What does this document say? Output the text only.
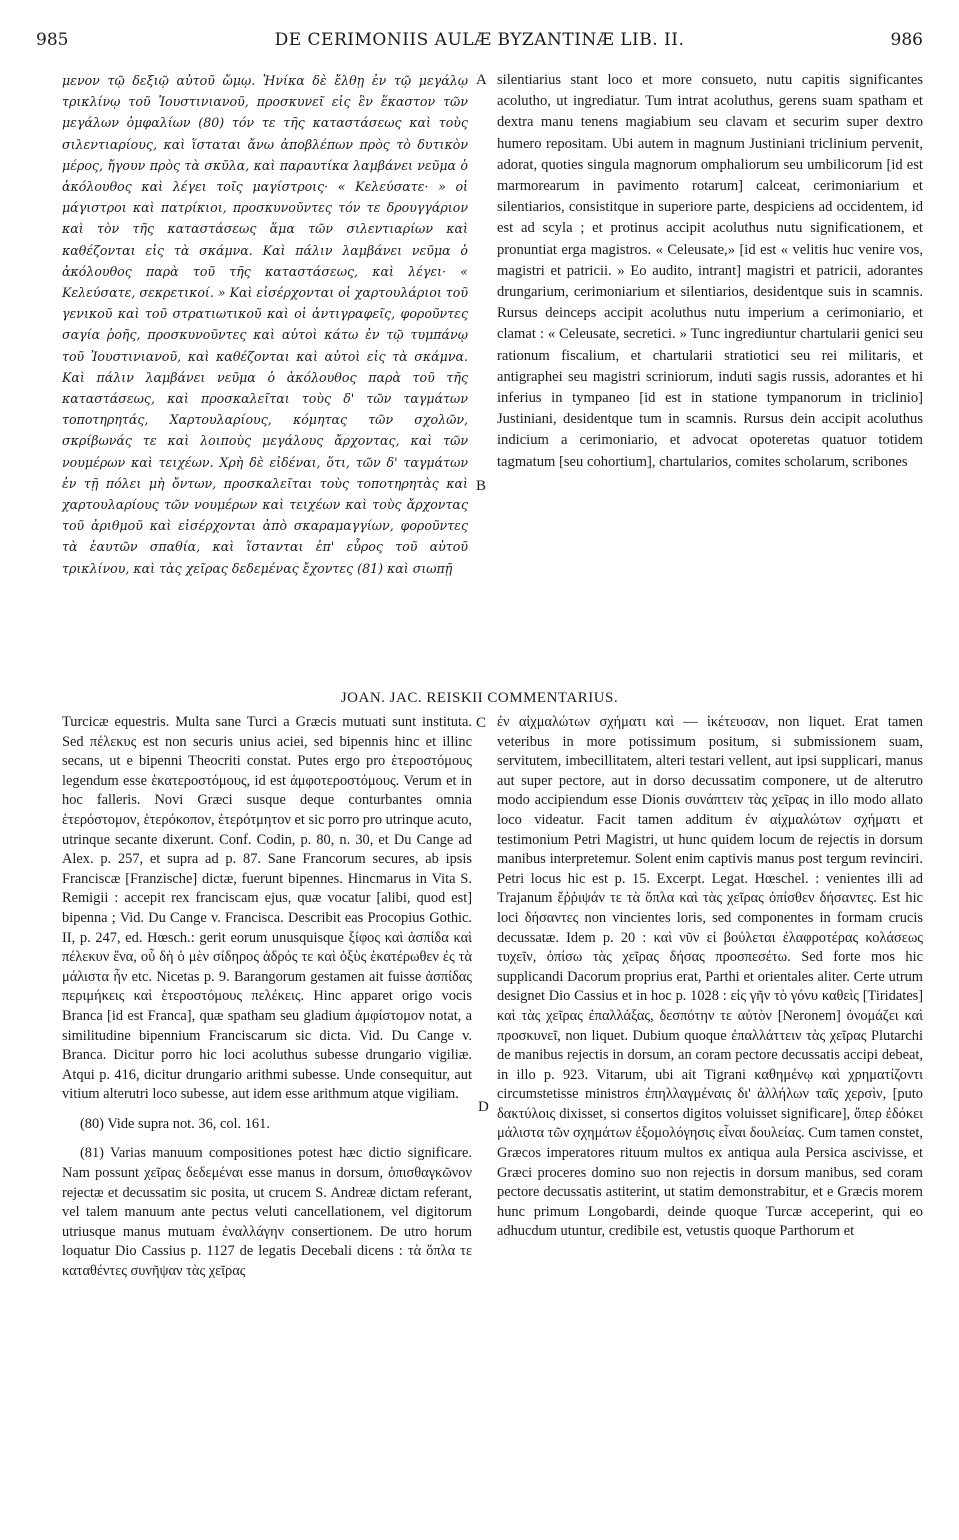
985	DE CERIMONIIS AULÆ BYZANTINÆ LIB. II.	986

μενον τῷ δεξιῷ αὐτοῦ ὤμῳ. Ἡνίκα δὲ ἔλθῃ ἐν τῷ μεγάλῳ τρικλίνῳ τοῦ Ἰουστινιανοῦ, προσκυνεῖ εἰς ἓν ἕκαστον τῶν μεγάλων ὀμφαλίων (80) τόν τε τῆς καταστάσεως καὶ τοὺς σιλεντιαρίους, καὶ ἵσταται ἄνω ἀποβλέπων πρὸς τὸ δυτικὸν μέρος, ἤγουν πρὸς τὰ σκῦλα, καὶ παραυτίκα λαμβάνει νεῦμα ὁ ἀκόλουθος καὶ λέγει τοῖς μαγίστροις· « Κελεύσατε· » οἱ μάγιστροι καὶ πατρίκιοι, προσκυνοῦντες τόν τε δρουγγάριον καὶ τὸν τῆς καταστάσεως ἅμα τῶν σιλεντιαρίων καὶ καθέζονται εἰς τὰ σκάμνα. Καὶ πάλιν λαμβάνει νεῦμα ὁ ἀκόλουθος παρὰ τοῦ τῆς καταστάσεως, καὶ λέγει· « Κελεύσατε, σεκρετικοί. » Καὶ εἰσέρχονται οἱ χαρτουλάριοι τοῦ γενικοῦ καὶ τοῦ στρατιωτικοῦ καὶ οἱ ἀντιγραφεῖς, φοροῦντες σαγία ῥοῆς, προσκυνοῦντες καὶ αὐτοὶ κάτω ἐν τῷ τυμπάνῳ τοῦ Ἰουστινιανοῦ, καὶ καθέζονται καὶ αὐτοὶ εἰς τὰ σκάμνα. Καὶ πάλιν λαμβάνει νεῦμα ὁ ἀκόλουθος παρὰ τοῦ τῆς καταστάσεως, καὶ προσκαλεῖται τοὺς δ' τῶν ταγμάτων τοποτηρητάς, Χαρτουλαρίους, κόμητας τῶν σχολῶν, σκρίβωνάς τε καὶ λοιποὺς μεγάλους ἄρχοντας, καὶ τῶν νουμέρων καὶ τειχέων. Χρὴ δὲ εἰδέναι, ὅτι, τῶν δ' ταγμάτων ἐν τῇ πόλει μὴ ὄντων, προσκαλεῖται τοὺς τοποτηρητὰς καὶ χαρτουλαρίους τῶν νουμέρων καὶ τειχέων καὶ τοὺς ἄρχοντας τοῦ ἀριθμοῦ καὶ εἰσέρχονται ἀπὸ σκαραμαγγίων, φοροῦντες τὰ ἑαυτῶν σπαθία, καὶ ἵστανται ἐπ' εὖρος τοῦ αὐτοῦ τρικλίνου, καὶ τὰς χεῖρας δεδεμένας ἔχοντες (81) καὶ σιωπῇ

A
B

silentiarius stant loco et more consueto, nutu capitis significantes acolutho, ut ingrediatur. Tum intrat acoluthus, gerens suam spatham et dextra manu tenens magiabium seu clavam et securim super dextro humero repositam. Ubi autem in magnum Justiniani triclinium pervenit, adorat, quoties singula magnorum omphaliorum seu umbilicorum [id est marmorearum in pavimento rotarum] calceat, cerimoniarium et silentiarios, consistitque in superiore parte, despiciens ad occidentem, id est ad scyla ; et protinus accipit acoluthus nutu significationem, et pronuntiat erga magistros. « Celeusate,» [id est « velitis huc venire vos, magistri et patricii. » Eo audito, intrant] magistri et patricii, adorantes drungarium, cerimoniarium et silentiarios, desidentque suis in scamnis. Rursus deinceps accipit acoluthus nutu imperium a cerimoniario, et clamat : « Celeusate, secretici. » Tunc ingrediuntur chartularii genici seu rationum fiscalium, et chartularii stratiotici seu rei militaris, et antigraphei seu magistri scriniorum, induti sagis russis, adorantes et hi inferius in tympaneo [id est in statione tympanorum in triclinio] Justiniani, desidentque tum in scamnis. Rursus dein accipit acoluthus indicium a cerimoniario, et advocat opoteretas quatuor totidem tagmatum [seu cohortium], chartularios, comites scholarum, scribones

JOAN. JAC. REISKII COMMENTARIUS.
C
D

Turcicæ equestris. Multa sane Turci a Græcis mutuati sunt instituta. Sed πέλεκυς est non securis unius aciei, sed bipennis hinc et illinc secans, ut e bipenni Theocriti constat. Putes ergo pro ἑτεροστόμους legendum esse ἑκατεροστόμους, id est ἀμφοτεροστόμους. Verum et in hoc falleris. Novi Græci susque deque conturbantes omnia ἑτερόστομον, ἑτερόκοπον, ἑτερότμητον et sic porro pro utrinque acuto, utrinque secante dixerunt. Conf. Codin, p. 80, n. 30, et Du Cange ad Alex. p. 257, et supra ad p. 87. Sane Francorum secures, ab ipsis Franciscæ [Franzische] dictæ, fuerunt bipennes. Hincmarus in Vita S. Remigii : accepit rex franciscam ejus, quæ vocatur [alibi, quod est] bipenna ; Vid. Du Cange v. Francisca. Describit eas Procopius Gothic. II, p. 247, ed. Hœsch.: gerit eorum unusquisque ξίφος καὶ ἀσπίδα καὶ πέλεκυν ἕνα, οὗ δὴ ὁ μὲν σίδηρος ἁδρός τε καὶ ὀξὺς ἑκατέρωθεν ἐς τὰ μάλιστα ἦν etc. Nicetas p. 9. Barangorum gestamen ait fuisse ἀσπίδας περιμήκεις καὶ ἑτεροστόμους πελέκεις. Hinc apparet origo vocis Branca [id est Franca], quæ spatham seu gladium ἀμφίστομον notat, a similitudine bipennium Franciscarum sic dicta. Vid. Du Cange v. Branca. Dicitur porro hic loci acoluthus subesse drungario vigiliæ. Atqui p. 416, dicitur drungario arithmi subesse. Unde consequitur, aut vitium alterutri loco subesse, aut idem esse arithmum atque vigiliam.

(80) Vide supra not. 36, col. 161.

(81) Varias manuum compositiones potest hæc dictio significare. Nam possunt χεῖρας δεδεμέναι esse manus in dorsum, ὀπισθαγκῶνον rejectæ et decussatim sic posita, ut crucem S. Andreæ dictam referant, vel talem manuum ante pectus veluti cancellationem, vel digitorum utriusque manus mutuam ἐναλλάγην consertionem. De utro horum loquatur Dio Cassius p. 1127 de legatis Decebali dicens : τὰ ὅπλα τε καταθέντες συνῆψαν τὰς χεῖρας

ἐν αἰχμαλώτων σχήματι καὶ — ἱκέτευσαν, non liquet. Erat tamen veteribus in more potissimum positum, si submissionem suam, servitutem, imbecillitatem, alteri testari vellent, aut ipsi supplicari, manus aut super pectore, aut in dorso decussatim componere, ut de alterutro modo accipiendum esse Dionis συνάπτειν τὰς χεῖρας in illo modo allato loco videatur. Facit tamen additum ἐν αἰχμαλώτων σχήματι et testimonium Petri Magistri, ut hunc quidem locum de rejectis in dorsum manibus interpretemur. Solent enim captivis manus post tergum revinciri. Petri locus hic est p. 15. Excerpt. Legat. Hœschel. : venientes illi ad Trajanum ἔῤῥιψάν τε τὰ ὅπλα καὶ τὰς χεῖρας ὀπίσθεν δήσαντες. Est hic loci δήσαντες non vincientes loris, sed componentes in formam crucis decussatæ. Idem p. 20 : καὶ νῦν εἰ βούλεται ἐλαφροτέρας κολάσεως τυχεῖν, ὀπίσω τὰς χεῖρας δήσας προσπεσέτω. Sed forte mos hic supplicandi Dacorum proprius erat, Parthi et orientales aliter. Certe utrum designet Dio Cassius et in hoc p. 1028 : εἰς γῆν τὸ γόνυ καθεὶς [Tiridates] καὶ τὰς χεῖρας ἐπαλλάξας, δεσπότην τε αὐτὸν [Neronem] ὀνομάζει καὶ προσκυνεῖ, non liquet. Dubium quoque ἐπαλλάττειν τὰς χεῖρας Plutarchi de manibus rejectis in dorsum, an coram pectore decussatis accipi debeat, in illo p. 923. Vitarum, ubi ait Tigrani καθημένῳ καὶ χρηματίζοντι circumstetisse ministros ἐπηλλαγμέναις δι' ἀλλήλων ταῖς χερσὶν, [puto δακτύλοις dixisset, si consertos digitos voluisset significare], ὅπερ ἐδόκει μάλιστα τῶν σχημάτων ἐξομολόγησις εἶναι δουλείας. Cum tamen constet, Græcos imperatores rituum multos ex antiqua aula Persica ascivisse, et Græci proceres domino suo non rejectis in dorsum manibus, sed coram pectore decussatis astiterint, ut statim demonstrabitur, et e Græcis morem hunc primum Longobardi, deinde quoque Turcæ acceperint, qui eo adhucdum utuntur, credibile est, vetustis quoque Parthorum et
